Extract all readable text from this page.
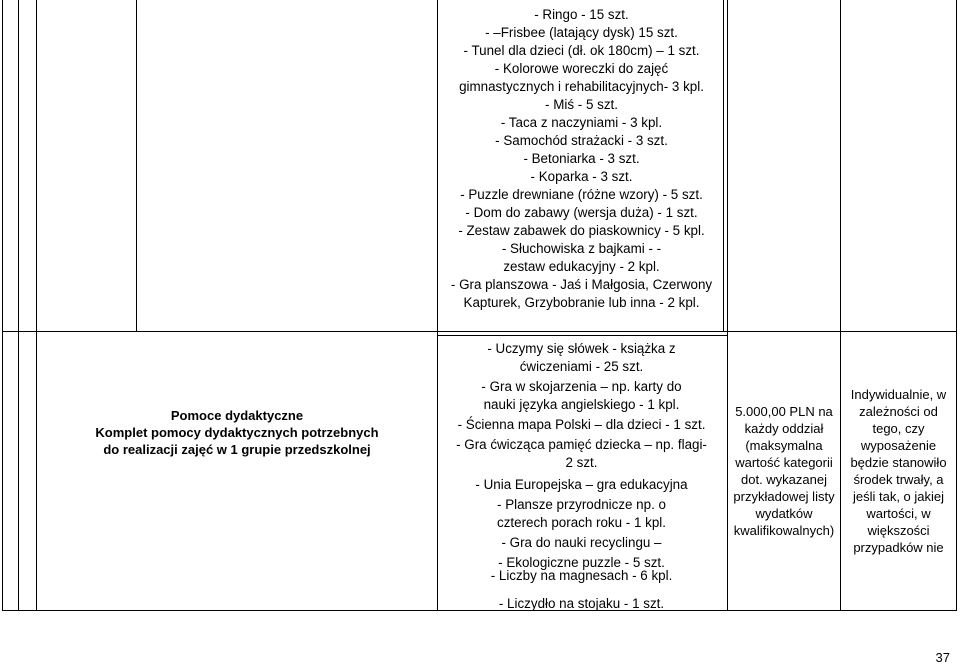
- Ringo - 15 szt.

- –Frisbee (latający dysk) 15 szt.

- Tunel dla dzieci (dł. ok 180cm) – 1 szt.

- Kolorowe woreczki do zajęć gimnastycznych i rehabilitacyjnych- 3 kpl.

- Miś - 5 szt.

- Taca z naczyniami - 3 kpl.

- Samochód strażacki - 3 szt.

- Betoniarka - 3 szt.

- Koparka - 3 szt.

- Puzzle drewniane (różne wzory) - 5 szt.

- Dom do zabawy (wersja duża) - 1 szt.

- Zestaw zabawek do piaskownicy - 5 kpl.

- Słuchowiska z bajkami - - zestaw edukacyjny - 2 kpl.

- Gra planszowa - Jaś i Małgosia, Czerwony Kapturek, Grzybobranie lub inna - 2 kpl.

Pomoce dydaktyczne
Komplet pomocy dydaktycznych potrzebnych do realizacji zajęć w 1 grupie przedszkolnej

- Uczymy się słówek - książka z ćwiczeniami - 25 szt.

- Gra w skojarzenia – np. karty do nauki języka angielskiego - 1 kpl.

- Ścienna mapa Polski – dla dzieci - 1 szt.

- Gra ćwicząca pamięć dziecka – np. flagi- 2 szt.

- Unia Europejska – gra edukacyjna

- Plansze przyrodnicze np. o czterech porach roku - 1 kpl.

- Gra do nauki recyclingu –

- Ekologiczne puzzle - 5 szt.

- Liczby na magnesach - 6 kpl.

- Liczydło na stojaku - 1 szt.

5.000,00 PLN na każdy oddział (maksymalna wartość kategorii dot. wykazanej przykładowej listy wydatków kwalifikowalnych)
Indywidualnie, w zależności od tego, czy wyposażenie będzie stanowiło środek trwały, a jeśli tak, o jakiej wartości, w większości przypadków nie
37
